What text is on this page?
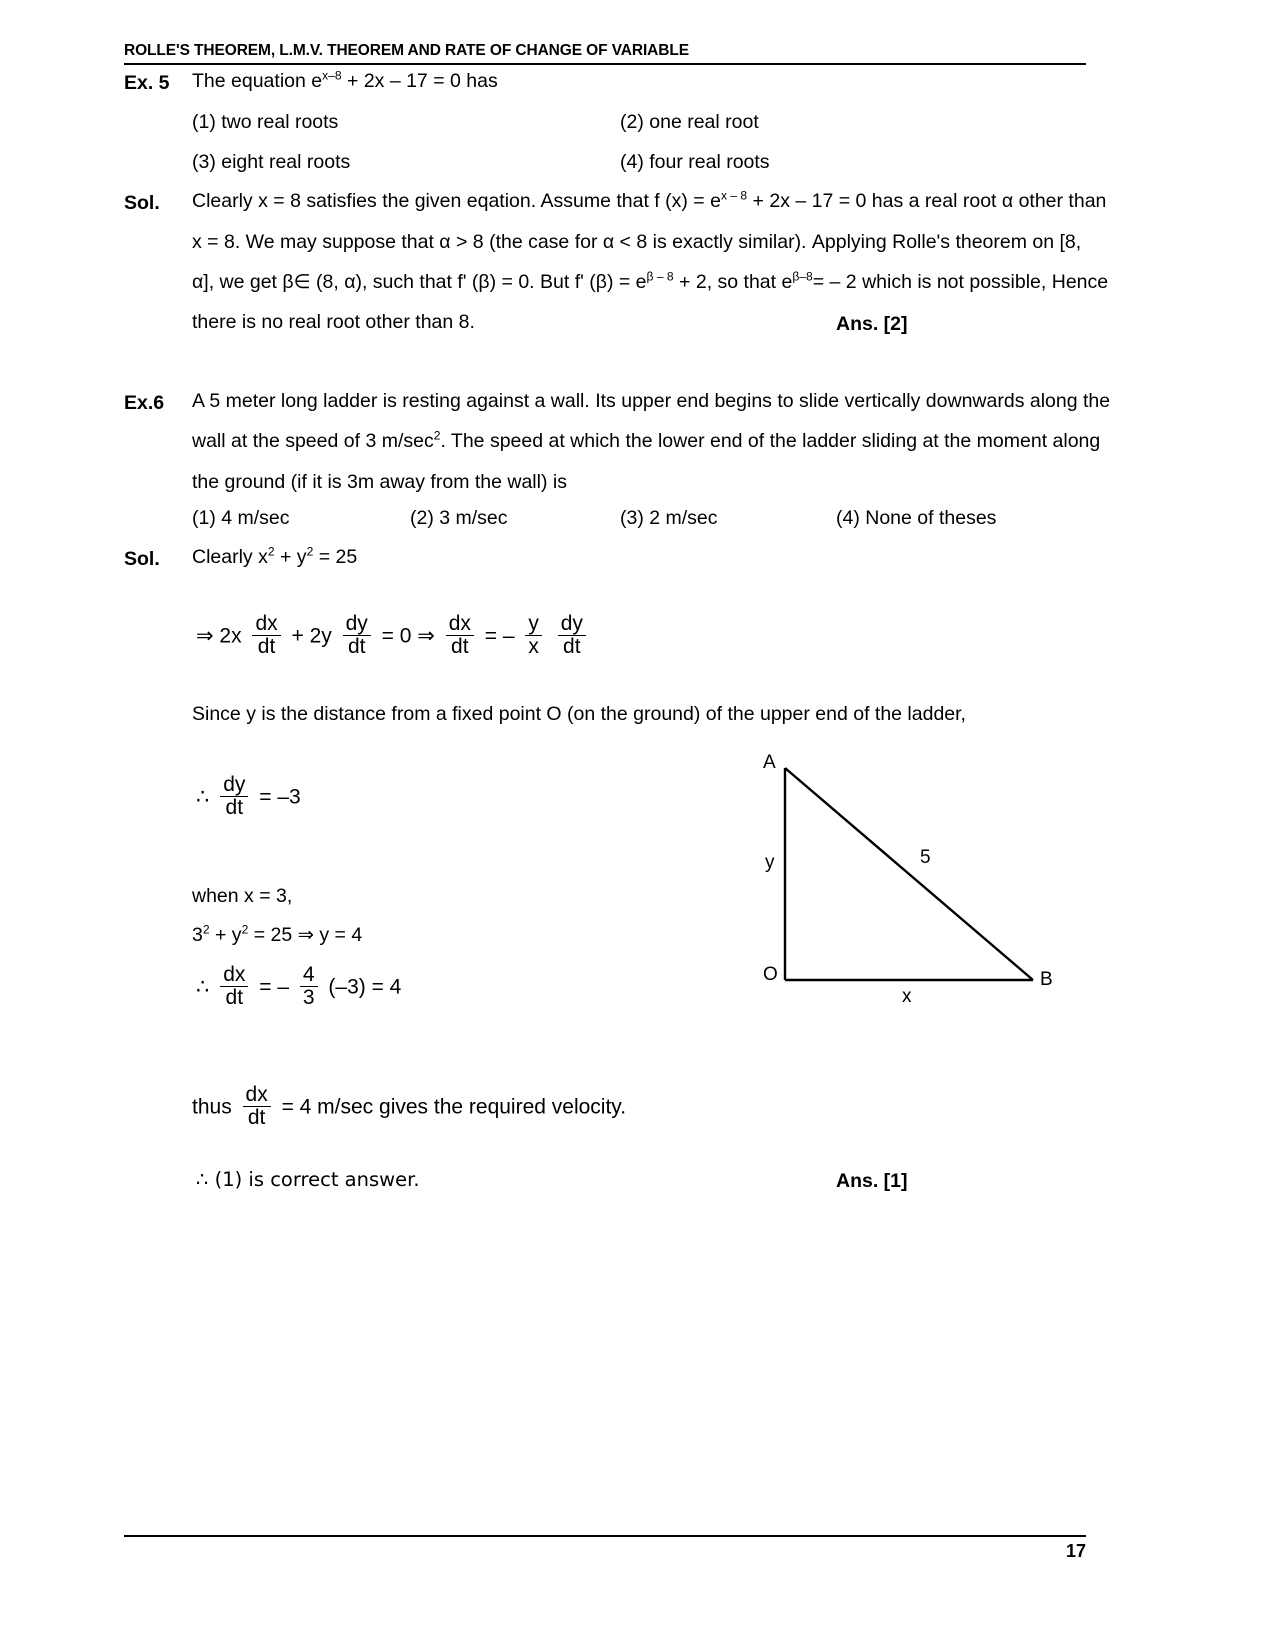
ROLLE'S THEOREM, L.M.V. THEOREM AND RATE OF CHANGE OF VARIABLE
Ex. 5 The equation $e^{x-8} + 2x - 17 = 0$ has
(1) two real roots	(2) one real root
(3) eight real roots	(4) four real roots
Sol. Clearly x = 8 satisfies the given eqation. Assume that f $(x) = e^{x - 8} + 2x - 17 = 0$ has a real root α other than
x = 8. We may suppose that α > 8 (the case for α < 8 is exactly similar). Applying Rolle's theorem on [8,
α], we get β∈ (8, α), such that f' (β) = 0. But f' $(\beta) = e^{\beta - 8} + 2$, so that $e^{\beta-8}= - 2$ which is not possible, Hence
there is no real root other than 8.	Ans. [2]
Ex.6 A 5 meter long ladder is resting against a wall. Its upper end begins to slide vertically downwards along the
wall at the speed of 3 $m/\sec^2$. The speed at which the lower end of the ladder sliding at the moment along
the ground (if it is 3m away from the wall) is
(1) 4 m/sec	(2) 3 m/sec	(3) 2 m/sec	(4) None of theses
Sol. Clearly $x^2 + y^2 = 25$
⇒ $2x \frac{dx}{dt} + 2y \frac{dy}{dt} = 0$ ⇒ $\frac{dx}{dt}$ = – $\frac{y}{x}$
$\frac{dy}{dt}$
Since y is the distance from a fixed point O (on the ground) of the upper end of the ladder,
∴ $\frac{dy}{dt} = -3$
when x = 3,
$3^2 + y^2 = 25$ ⇒ y = 4
∴ $\frac{dx}{dt}$ = – $\frac{4}{3} (-3) = 4$
thus $\frac{dx}{dt} = 4$ m/sec gives the required velocity.
∴ (1) is correct answer.	Ans. [1]
A
O	B
y
x
5
17
